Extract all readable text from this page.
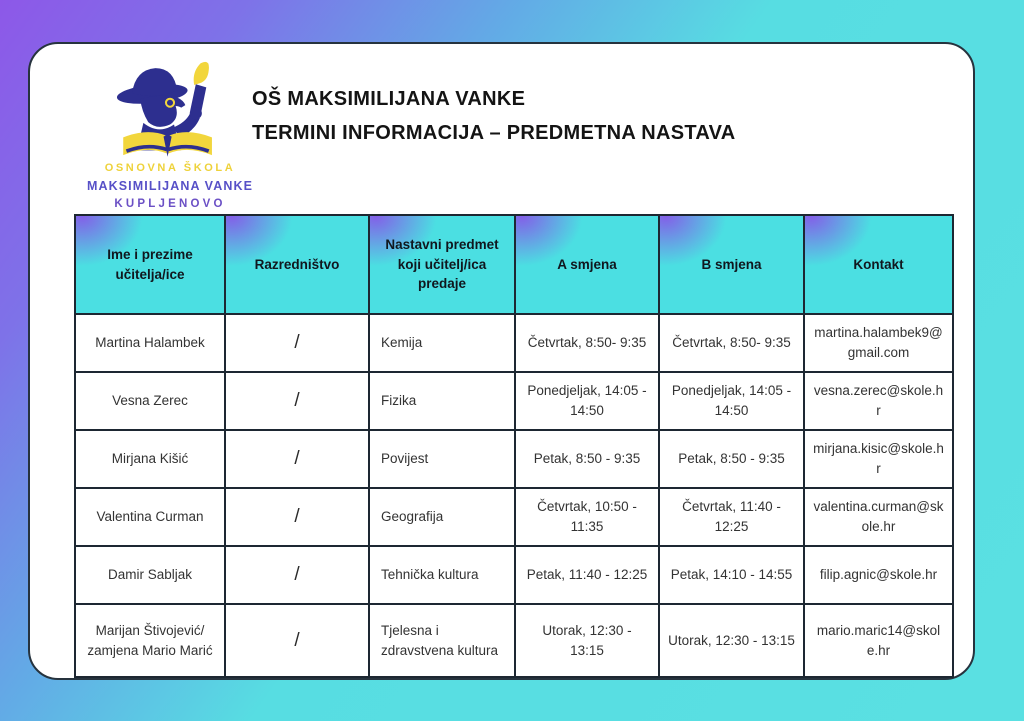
OSNOVNA ŠKOLA
MAKSIMILIJANA VANKE
KUPLJENOVO
OŠ MAKSIMILIJANA VANKE
TERMINI INFORMACIJA – PREDMETNA NASTAVA
Ime i prezime učitelja/ice	Razredništvo	Nastavni predmet koji učitelj/ica predaje	A smjena	B smjena	Kontakt
Martina Halambek	/	Kemija	Četvrtak, 8:50- 9:35	Četvrtak, 8:50- 9:35	martina.halambek9@gmail.com
Vesna Zerec	/	Fizika	Ponedjeljak, 14:05 - 14:50	Ponedjeljak, 14:05 - 14:50	vesna.zerec@skole.hr
Mirjana Kišić	/	Povijest	Petak, 8:50 - 9:35	Petak, 8:50 - 9:35	mirjana.kisic@skole.hr
Valentina Curman	/	Geografija	Četvrtak, 10:50 - 11:35	Četvrtak, 11:40 - 12:25	valentina.curman@skole.hr
Damir Sabljak	/	Tehnička kultura	Petak, 11:40 - 12:25	Petak, 14:10 - 14:55	filip.agnic@skole.hr
Marijan Štivojević/ zamjena Mario Marić	/	Tjelesna i zdravstvena kultura	Utorak, 12:30 - 13:15	Utorak, 12:30 - 13:15	mario.maric14@skole.hr
